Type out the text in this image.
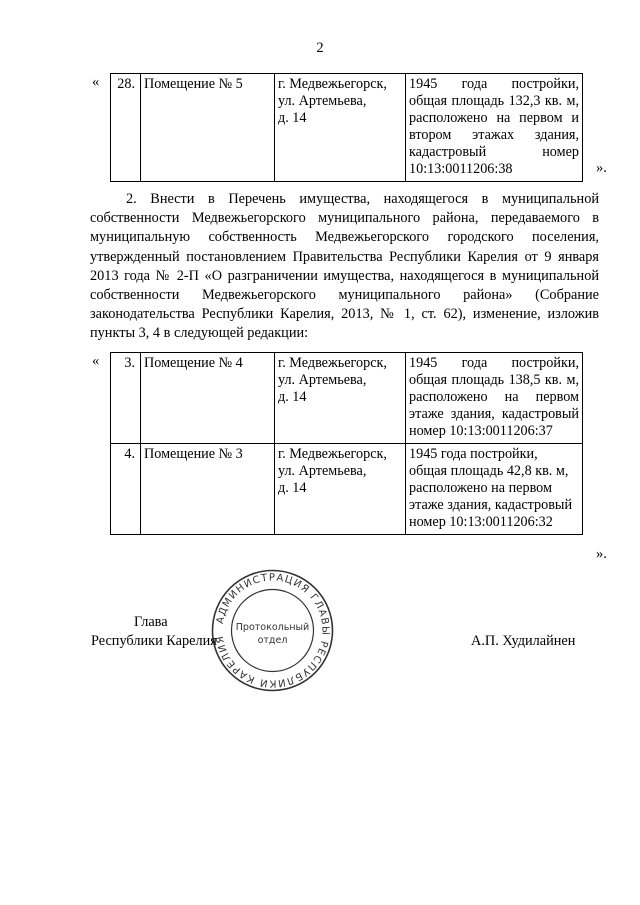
2
« 28.	Помещение № 5	г. Медвежьегорск,
ул. Артемьева,
д. 14

1945 года постройки, общая площадь 132,3 кв. м, расположено на первом и втором этажах здания, кадастровый номер 10:13:0011206:38	».

2. Внести в Перечень имущества, находящегося в муниципальной собственности Медвежьегорского муниципального района, передаваемого в муниципальную собственность Медвежьегорского городского поселения, утвержденный постановлением Правительства Республики Карелия от 9 января 2013 года № 2-П «О разграничении имущества, находящегося в муниципальной собственности Медвежьегорского муниципального района» (Собрание законодательства Республики Карелия, 2013, № 1, ст. 62), изменение, изложив пункты 3, 4 в следующей редакции:

« 3.	Помещение № 4	г. Медвежьегорск,
ул. Артемьева,
д. 14	1945 года постройки, общая площадь 138,5 кв. м, расположено на первом этаже здания, кадастровый номер 10:13:0011206:37

4.	Помещение № 3	г. Медвежьегорск,
ул. Артемьева,
д. 14	1945 года постройки, общая площадь 42,8 кв. м, расположено на первом этаже здания, кадастровый номер 10:13:0011206:32
».
АДМИНИСТРАЦИЯ ГЛАВЫ РЕСПУБЛИКИ КАРЕЛИЯ
Протокольный
отдел
Глава
Республики Карелия	А.П. Худилайнен
